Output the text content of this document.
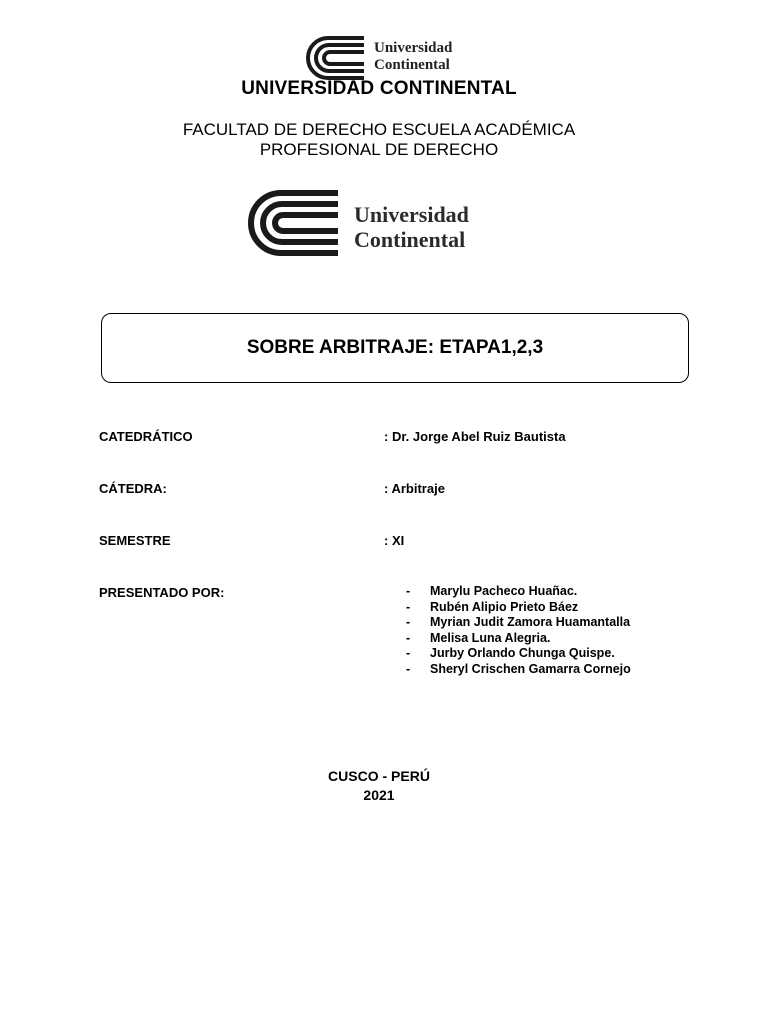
Universidad
Continental
UNIVERSIDAD CONTINENTAL
FACULTAD DE DERECHO ESCUELA ACADÉMICA
PROFESIONAL DE DERECHO
Universidad
Continental
SOBRE ARBITRAJE: ETAPA1,2,3
CATEDRÁTICO	: Dr. Jorge Abel Ruiz Bautista
CÁTEDRA:	: Arbitraje
SEMESTRE	: XI
PRESENTADO POR:	-	Marylu Pacheco Huañac.
-	Rubén Alipio Prieto Báez
-	Myrian Judit Zamora Huamantalla
-	Melisa Luna Alegria.
-	Jurby Orlando Chunga Quispe.
-	Sheryl Crischen Gamarra Cornejo
CUSCO - PERÚ
2021
